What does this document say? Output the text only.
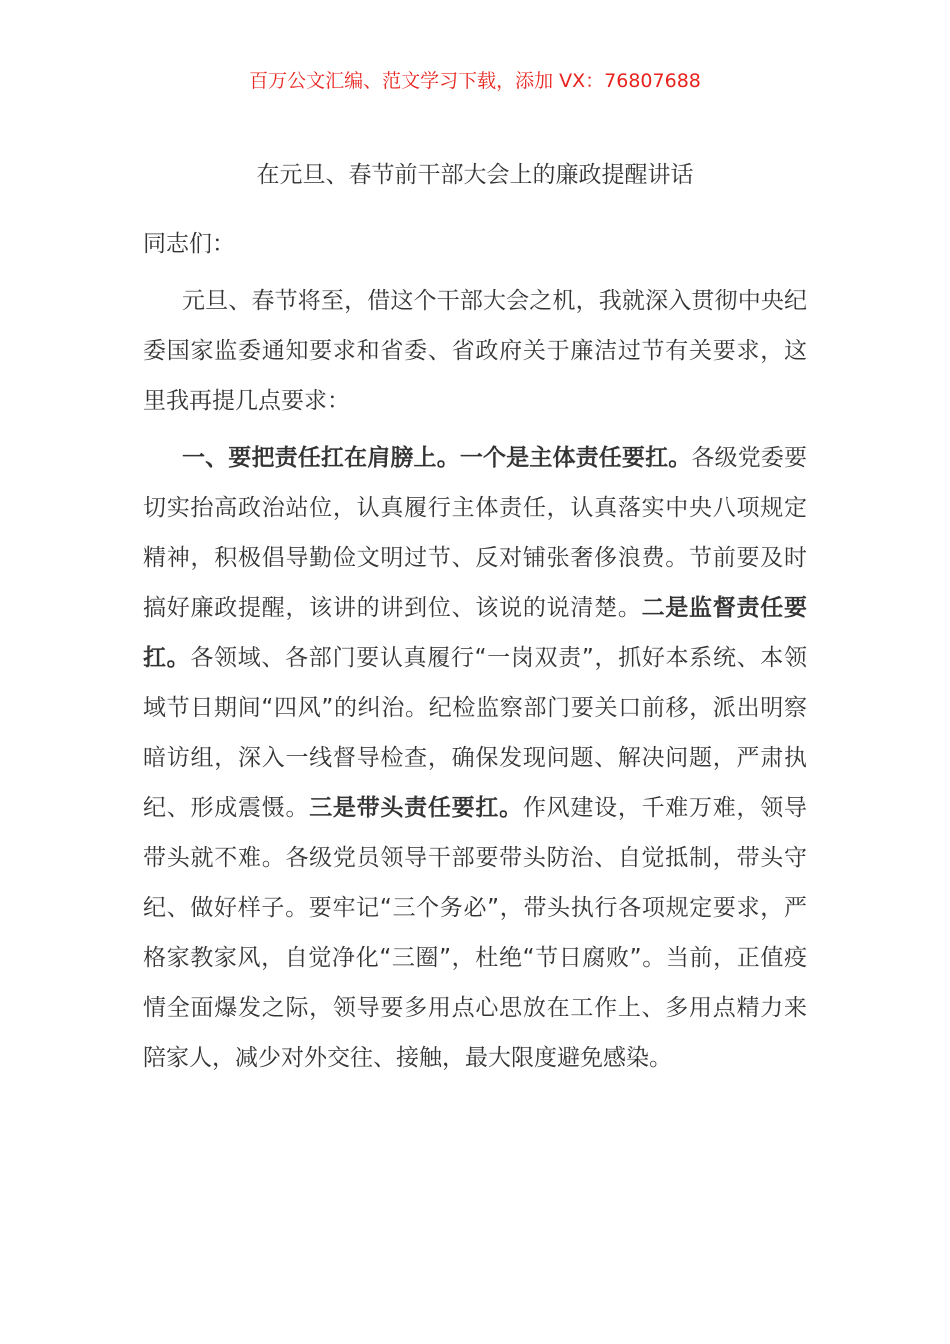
百万公文汇编、范文学习下载，添加 VX：76807688
在元旦、春节前干部大会上的廉政提醒讲话

同志们：

元旦、春节将至，借这个干部大会之机，我就深入贯彻中央纪委国家监委通知要求和省委、省政府关于廉洁过节有关要求，这里我再提几点要求：

一、要把责任扛在肩膀上。一个是主体责任要扛。各级党委要切实抬高政治站位，认真履行主体责任，认真落实中央八项规定精神，积极倡导勤俭文明过节、反对铺张奢侈浪费。节前要及时搞好廉政提醒，该讲的讲到位、该说的说清楚。二是监督责任要扛。各领域、各部门要认真履行“一岗双责”，抓好本系统、本领域节日期间“四风”的纠治。纪检监察部门要关口前移，派出明察暗访组，深入一线督导检查，确保发现问题、解决问题，严肃执纪、形成震慑。三是带头责任要扛。作风建设，千难万难，领导带头就不难。各级党员领导干部要带头防治、自觉抵制，带头守纪、做好样子。要牢记“三个务必”，带头执行各项规定要求，严格家教家风，自觉净化“三圈”，杜绝“节日腐败”。当前，正值疫情全面爆发之际，领导要多用点心思放在工作上、多用点精力来陪家人，减少对外交往、接触，最大限度避免感染。
